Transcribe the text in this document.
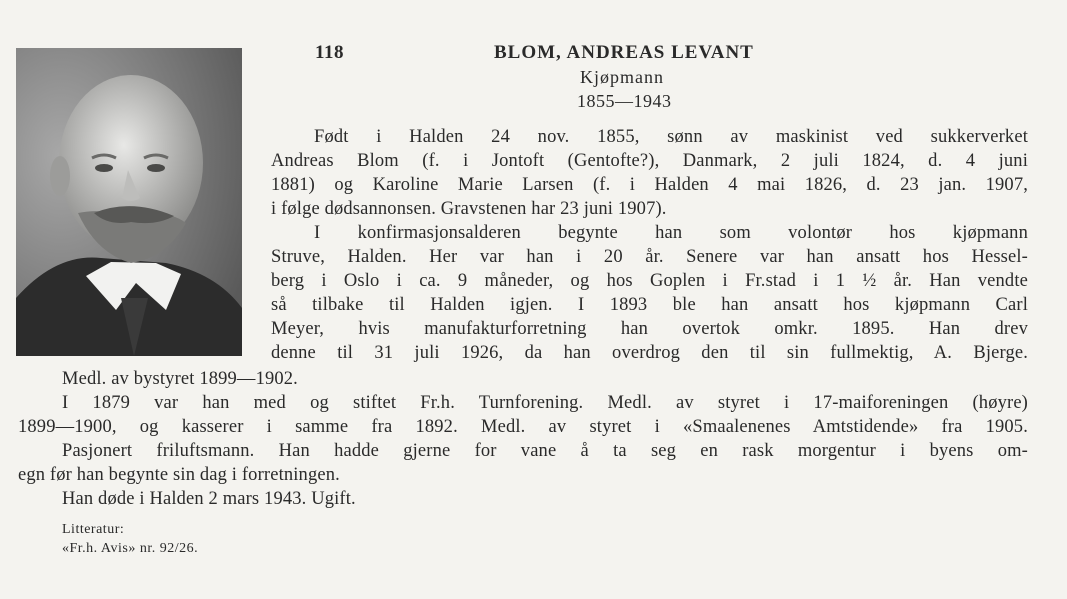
118	BLOM, ANDREAS LEVANT
Kjøpmann
1855—1943
Født i Halden 24 nov. 1855, sønn av maskinist ved sukkerverket
Andreas Blom (f. i Jontoft (Gentofte?), Danmark, 2 juli 1824, d. 4 juni
1881) og Karoline Marie Larsen (f. i Halden 4 mai 1826, d. 23 jan. 1907,
i følge dødsannonsen. Gravstenen har 23 juni 1907).
I konfirmasjonsalderen begynte han som volontør hos kjøpmann
Struve, Halden. Her var han i 20 år. Senere var han ansatt hos Hessel-
berg i Oslo i ca. 9 måneder, og hos Goplen i Fr.stad i 1 ½ år. Han vendte
så tilbake til Halden igjen. I 1893 ble han ansatt hos kjøpmann Carl
Meyer, hvis manufakturforretning han overtok omkr. 1895. Han drev
denne til 31 juli 1926, da han overdrog den til sin fullmektig, A. Bjerge.
Medl. av bystyret 1899—1902.
I 1879 var han med og stiftet Fr.h. Turnforening. Medl. av styret i 17-maiforeningen (høyre)
1899—1900, og kasserer i samme fra 1892. Medl. av styret i «Smaalenenes Amtstidende» fra 1905.
Pasjonert friluftsmann. Han hadde gjerne for vane å ta seg en rask morgentur i byens om-
egn før han begynte sin dag i forretningen.
Han døde i Halden 2 mars 1943. Ugift.
Litteratur:
«Fr.h. Avis» nr. 92/26.
